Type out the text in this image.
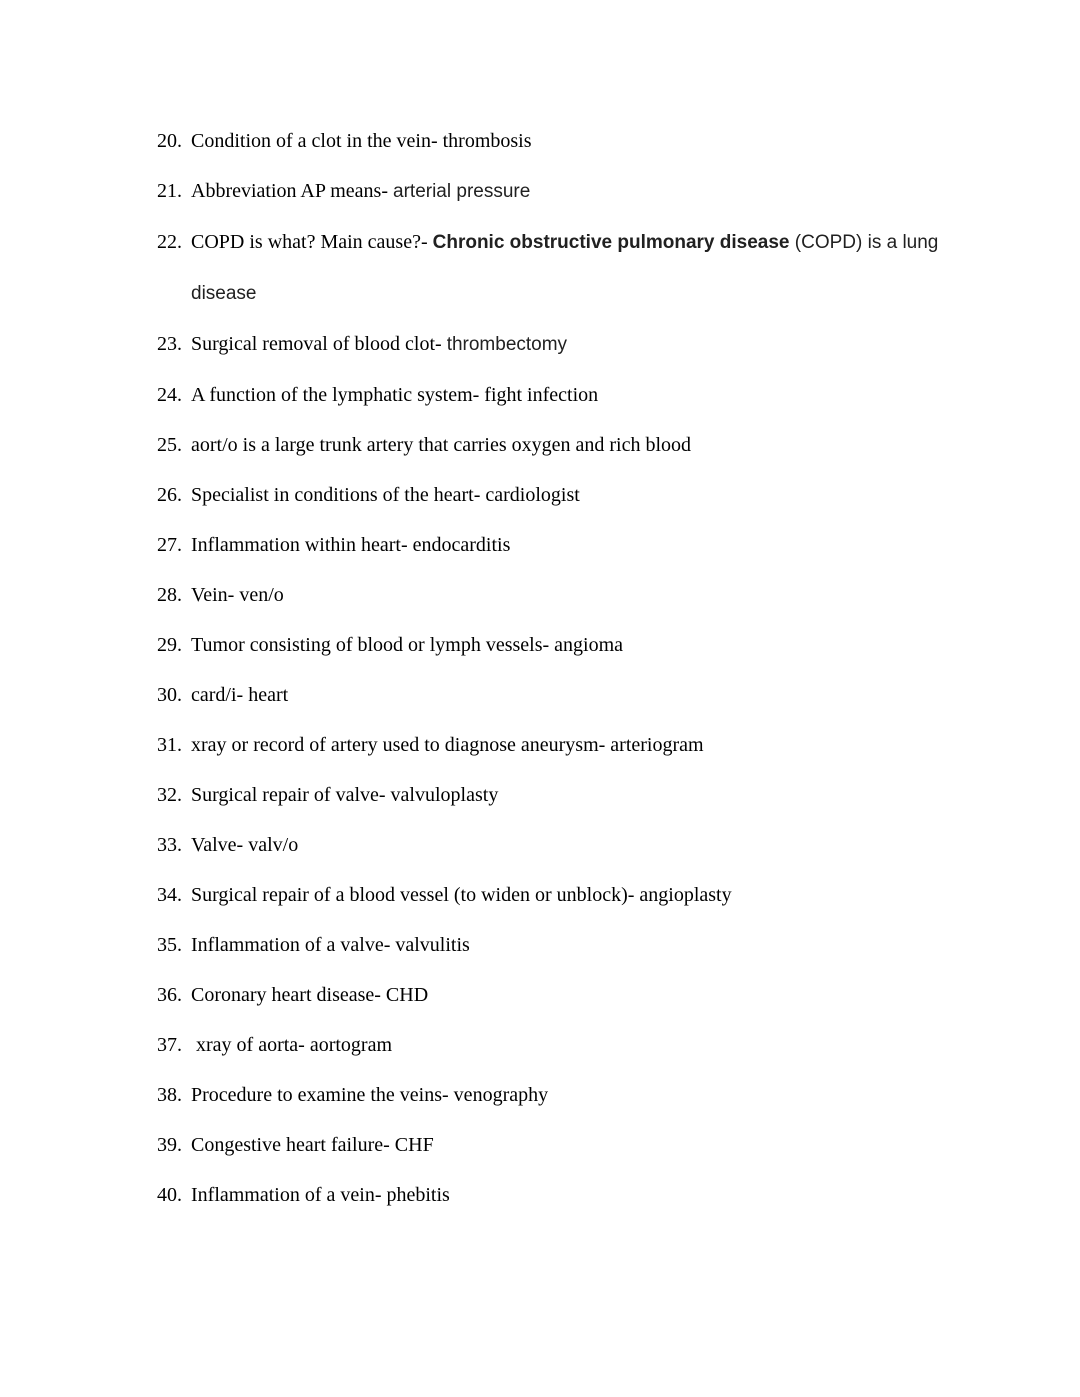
20. Condition of a clot in the vein- thrombosis
21. Abbreviation AP means- arterial pressure
22. COPD is what? Main cause?- Chronic obstructive pulmonary disease (COPD) is a lung disease
23. Surgical removal of blood clot- thrombectomy
24. A function of the lymphatic system- fight infection
25. aort/o is a large trunk artery that carries oxygen and rich blood
26. Specialist in conditions of the heart- cardiologist
27. Inflammation within heart- endocarditis
28. Vein- ven/o
29. Tumor consisting of blood or lymph vessels- angioma
30. card/i- heart
31. xray or record of artery used to diagnose aneurysm- arteriogram
32. Surgical repair of valve- valvuloplasty
33. Valve- valv/o
34. Surgical repair of a blood vessel (to widen or unblock)- angioplasty
35. Inflammation of a valve- valvulitis
36. Coronary heart disease- CHD
37. xray of aorta- aortogram
38. Procedure to examine the veins- venography
39. Congestive heart failure- CHF
40. Inflammation of a vein- phebitis
